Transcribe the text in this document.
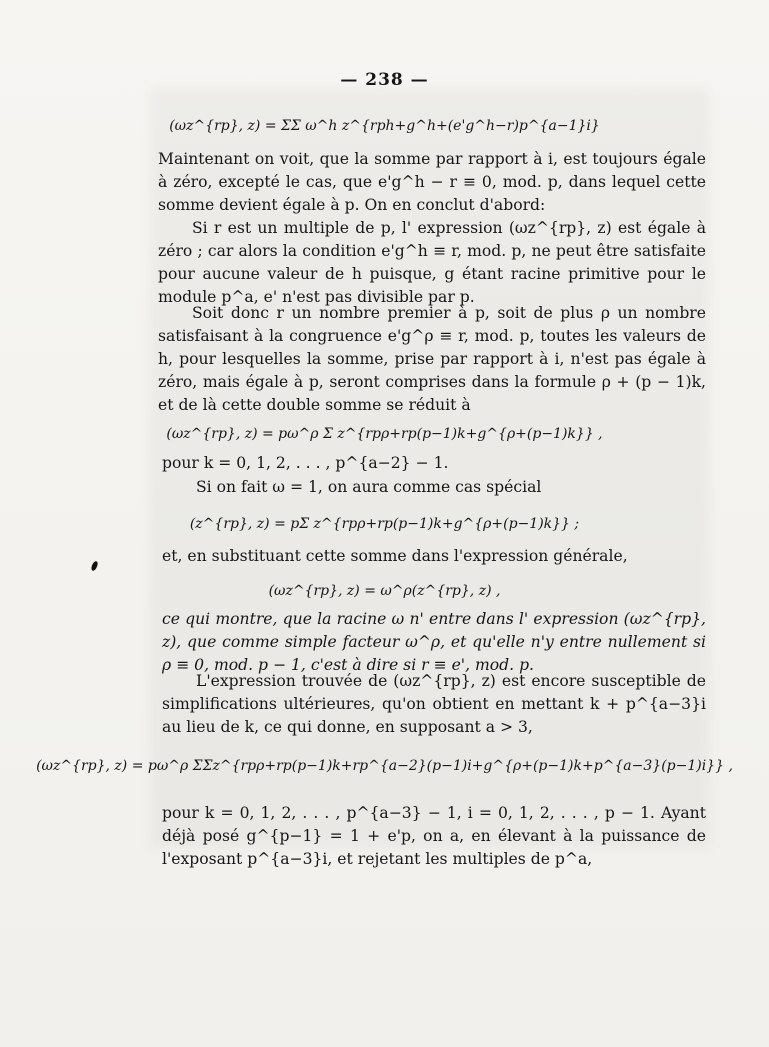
— 238 —
(ωz^{rp}, z) = ΣΣ ω^h z^{rph+g^h+(e'g^h−r)p^{a−1}i}
Maintenant on voit, que la somme par rapport à i, est toujours égale à zéro, excepté le cas, que e'g^h − r ≡ 0, mod. p, dans lequel cette somme devient égale à p. On en conclut d'abord:
Si r est un multiple de p, l' expression (ωz^{rp}, z) est égale à zéro ; car alors la condition e'g^h ≡ r, mod. p, ne peut être satisfaite pour aucune valeur de h puisque, g étant racine primitive pour le module p^a, e' n'est pas divisible par p.
Soit donc r un nombre premier à p, soit de plus ρ un nombre satisfaisant à la congruence e'g^ρ ≡ r, mod. p, toutes les valeurs de h, pour lesquelles la somme, prise par rapport à i, n'est pas égale à zéro, mais égale à p, seront comprises dans la formule ρ + (p − 1)k, et de là cette double somme se réduit à
(ωz^{rp}, z) = pω^ρ Σ z^{rpρ+rp(p−1)k+g^{ρ+(p−1)k}} ,
pour k = 0, 1, 2, . . . , p^{a−2} − 1.
Si on fait ω = 1, on aura comme cas spécial
(z^{rp}, z) = pΣ z^{rpρ+rp(p−1)k+g^{ρ+(p−1)k}} ;
et, en substituant cette somme dans l'expression générale,
(ωz^{rp}, z) = ω^ρ(z^{rp}, z) ,
ce qui montre, que la racine ω n' entre dans l' expression (ωz^{rp}, z), que comme simple facteur ω^ρ, et qu'elle n'y entre nullement si ρ ≡ 0, mod. p − 1, c'est à dire si r ≡ e', mod. p.
L'expression trouvée de (ωz^{rp}, z) est encore susceptible de simplifications ultérieures, qu'on obtient en mettant k + p^{a−3}i au lieu de k, ce qui donne, en supposant a > 3,
(ωz^{rp}, z) = pω^ρ ΣΣz^{rpρ+rp(p−1)k+rp^{a−2}(p−1)i+g^{ρ+(p−1)k+p^{a−3}(p−1)i}} ,
pour k = 0, 1, 2, . . . , p^{a−3} − 1, i = 0, 1, 2, . . . , p − 1. Ayant déjà posé g^{p−1} = 1 + e'p, on a, en élevant à la puissance de l'exposant p^{a−3}i, et rejetant les multiples de p^a,
